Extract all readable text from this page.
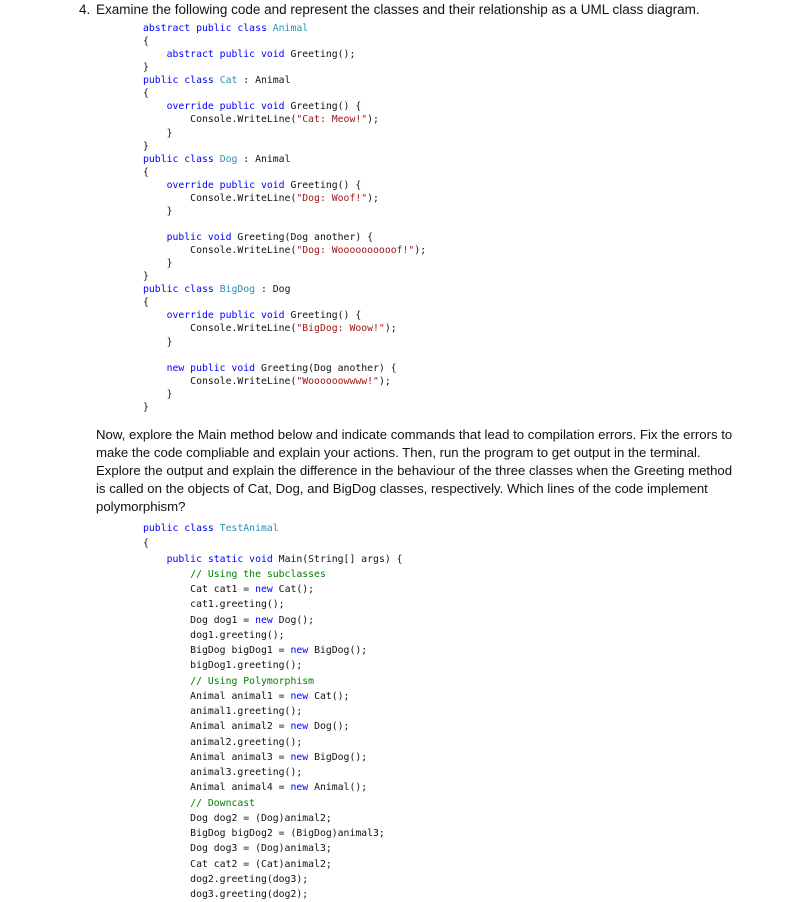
4. Examine the following code and represent the classes and their relationship as a UML class diagram.
abstract public class Animal
{
abstract public void Greeting();
}
public class Cat : Animal
{
override public void Greeting() {
Console.WriteLine("Cat: Meow!");
}
}
public class Dog : Animal
{
override public void Greeting() {
Console.WriteLine("Dog: Woof!");
}
public void Greeting(Dog another) {
Console.WriteLine("Dog: Woooooooooof!");
}
}
public class BigDog : Dog
{
override public void Greeting() {
Console.WriteLine("BigDog: Woow!");
}
new public void Greeting(Dog another) {
Console.WriteLine("Woooooowwww!");
}
}

Now, explore the Main method below and indicate commands that lead to compilation errors. Fix the errors to make the code compliable and explain your actions. Then, run the program to get output in the terminal. Explore the output and explain the difference in the behaviour of the three classes when the Greeting method is called on the objects of Cat, Dog, and BigDog classes, respectively. Which lines of the code implement polymorphism?

public class TestAnimal
{
public static void Main(String[] args) {
// Using the subclasses
Cat cat1 = new Cat();
cat1.greeting();
Dog dog1 = new Dog();
dog1.greeting();
BigDog bigDog1 = new BigDog();
bigDog1.greeting();
// Using Polymorphism
Animal animal1 = new Cat();
animal1.greeting();
Animal animal2 = new Dog();
animal2.greeting();
Animal animal3 = new BigDog();
animal3.greeting();
Animal animal4 = new Animal();
// Downcast
Dog dog2 = (Dog)animal2;
BigDog bigDog2 = (BigDog)animal3;
Dog dog3 = (Dog)animal3;
Cat cat2 = (Cat)animal2;
dog2.greeting(dog3);
dog3.greeting(dog2);
